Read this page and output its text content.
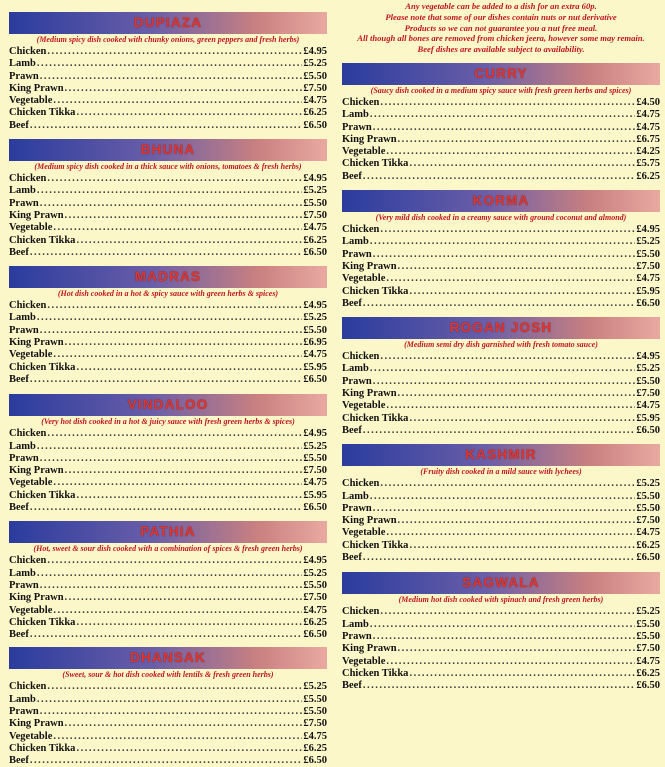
DUPIAZA
(Medium spicy dish cooked with chunky onions, green peppers and fresh herbs)
Chicken .....	£4.95
Lamb .....	£5.25
Prawn .....	£5.50
King Prawn .....	£7.50
Vegetable .....	£4.75
Chicken Tikka .....	£6.25
Beef .....	£6.50
BHUNA
(Medium spicy dish cooked in a thick sauce with onions, tomatoes & fresh herbs)
Chicken .....	£4.95
Lamb .....	£5.25
Prawn .....	£5.50
King Prawn .....	£7.50
Vegetable .....	£4.75
Chicken Tikka .....	£6.25
Beef .....	£6.50
MADRAS
(Hot dish cooked in a hot & spicy sauce with green herbs & spices)
Chicken .....	£4.95
Lamb .....	£5.25
Prawn .....	£5.50
King Prawn .....	£6.95
Vegetable .....	£4.75
Chicken Tikka .....	£5.95
Beef .....	£6.50
VINDALOO
(Very hot dish cooked in a hot & juicy sauce with fresh green herbs & spices)
Chicken .....	£4.95
Lamb .....	£5.25
Prawn .....	£5.50
King Prawn .....	£7.50
Vegetable .....	£4.75
Chicken Tikka .....	£5.95
Beef .....	£6.50
PATHIA
(Hot, sweet & sour dish cooked with a combination of spices & fresh green herbs)
Chicken .....	£4.95
Lamb .....	£5.25
Prawn .....	£5.50
King Prawn .....	£7.50
Vegetable .....	£4.75
Chicken Tikka .....	£6.25
Beef .....	£6.50
DHANSAK
(Sweet, sour & hot dish cooked with lentils & fresh green herbs)
Chicken .....	£5.25
Lamb .....	£5.50
Prawn .....	£5.50
King Prawn .....	£7.50
Vegetable .....	£4.75
Chicken Tikka .....	£6.25
Beef .....	£6.50
Any vegetable can be added to a dish for an extra 60p.
Please note that some of our dishes contain nuts or nut derivative
Products so we can not guarantee you a nut free meal.
All though all bones are removed from chicken jeera, however some may remain.
Beef dishes are available subject to availability.
CURRY
(Saucy dish cooked in a medium spicy sauce with fresh green herbs and spices)
Chicken .....	£4.50
Lamb .....	£4.75
Prawn .....	£4.75
King Prawn .....	£6.75
Vegetable .....	£4.25
Chicken Tikka .....	£5.75
Beef .....	£6.25
KORMA
(Very mild dish cooked in a creamy sauce with ground coconut and almond)
Chicken .....	£4.95
Lamb .....	£5.25
Prawn .....	£5.50
King Prawn .....	£7.50
Vegetable .....	£4.75
Chicken Tikka .....	£5.95
Beef .....	£6.50
ROGAN JOSH
(Medium semi dry dish garnished with fresh tomato sauce)
Chicken .....	£4.95
Lamb .....	£5.25
Prawn .....	£5.50
King Prawn .....	£7.50
Vegetable .....	£4.75
Chicken Tikka .....	£5.95
Beef .....	£6.50
KASHMIR
(Fruity dish cooked in a mild sauce with lychees)
Chicken .....	£5.25
Lamb .....	£5.50
Prawn .....	£5.50
King Prawn .....	£7.50
Vegetable .....	£4.75
Chicken Tikka .....	£6.25
Beef .....	£6.50
SAGWALA
(Medium hot dish cooked with spinach and fresh green herbs)
Chicken .....	£5.25
Lamb .....	£5.50
Prawn .....	£5.50
King Prawn .....	£7.50
Vegetable .....	£4.75
Chicken Tikka .....	£6.25
Beef .....	£6.50
